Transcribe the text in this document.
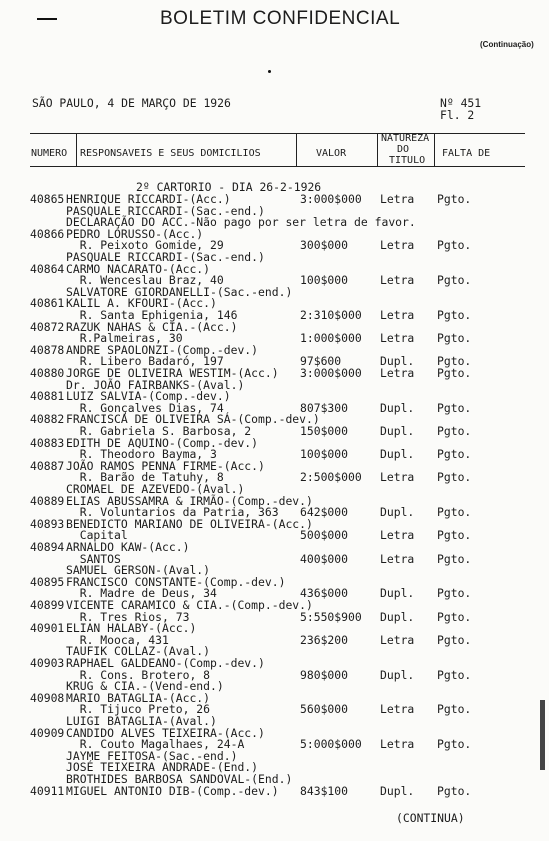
BOLETIM CONFIDENCIAL
(Continuação)
SÃO PAULO, 4 DE MARÇO DE 1926	Nº 451
Fl. 2
NUMERO RESPONSAVEIS E SEUS DOMICILIOS	VALOR
NATUREZA
DO
TITULO
FALTA DE
2º CARTORIO - DIA 26-2-1926
40865 HENRIQUE RICCARDI-(Acc.)	3:000$000 Letra Pgto.
PASQUALE RICCARDI-(Sac.-end.)
DECLARAÇÃO DO ACC.-Não pago por ser letra de favor.
40866 PEDRO LORUSSO-(Acc.)
R. Peixoto Gomide, 29	300$000	Letra Pgto.
PASQUALE RICCARDI-(Sac.-end.)
40864 CARMO NACARATO-(Acc.)
R. Wenceslau Braz, 40	100$000	Letra Pgto.
SALVATORE GIORDANELLI-(Sac.-end.)
40861 KALIL A. KFOURI-(Acc.)
R. Santa Ephigenia, 146	2:310$000 Letra Pgto.
40872 RAZUK NAHAS & CIA.-(Acc.)
R.Palmeiras, 30	1:000$000 Letra Pgto.
40878 ANDRE SPAOLONZI-(Comp.-dev.)
R. Libero Badaró, 197	97$600	Dupl. Pgto.
40880 JORGE DE OLIVEIRA WESTIM-(Acc.) 3:000$000 Letra Pgto.
Dr. JOÃO FAIRBANKS-(Aval.)
40881 LUIZ SALVIA-(Comp.-dev.)
R. Gonçalves Dias, 74	807$300	Dupl. Pgto.
40882 FRANCISCA DE OLIVEIRA SÁ-(Comp.-dev.)
R. Gabriela S. Barbosa, 2	150$000	Dupl. Pgto.
40883 EDITH DE AQUINO-(Comp.-dev.)
R. Theodoro Bayma, 3	100$000	Dupl. Pgto.
40887 JOÃO RAMOS PENNA FIRME-(Acc.)
R. Barão de Tatuhy, 8	2:500$000 Letra Pgto.
CROMAEL DE AZEVEDO-(Aval.)
40889 ELIAS ABUSSAMRA & IRMÃO-(Comp.-dev.)
R. Voluntarios da Patria, 363 642$000	Dupl. Pgto.
40893 BENEDICTO MARIANO DE OLIVEIRA-(Acc.)
Capital	500$000	Letra Pgto.
40894 ARNALDO KAW-(Acc.)
SANTOS	400$000	Letra Pgto.
SAMUEL GERSON-(Aval.)
40895 FRANCISCO CONSTANTE-(Comp.-dev.)
R. Madre de Deus, 34	436$000	Dupl. Pgto.
40899 VICENTE CARAMICO & CIA.-(Comp.-dev.)
R. Tres Rios, 73	5:550$900 Dupl. Pgto.
40901 ELIAN HALABY-(Acc.)
R. Mooca, 431	236$200	Letra Pgto.
TAUFIK COLLAZ-(Aval.)
40903 RAPHAEL GALDEANO-(Comp.-dev.)
R. Cons. Brotero, 8	980$000	Dupl. Pgto.
KRUG & CIA.-(Vend-end.)
40908 MARIO BATAGLIA-(Acc.)
R. Tijuco Preto, 26	560$000	Letra Pgto.
LUIGI BATAGLIA-(Aval.)
40909 CANDIDO ALVES TEIXEIRA-(Acc.)
R. Couto Magalhaes, 24-A	5:000$000 Letra Pgto.
JAYME FEITOSA-(Sac.-end.)
JOSÉ TEIXEIRA ANDRADE-(End.)
BROTHIDES BARBOSA SANDOVAL-(End.)
40911 MIGUEL ANTONIO DIB-(Comp.-dev.) 843$100	Dupl. Pgto.
(CONTINUA)
